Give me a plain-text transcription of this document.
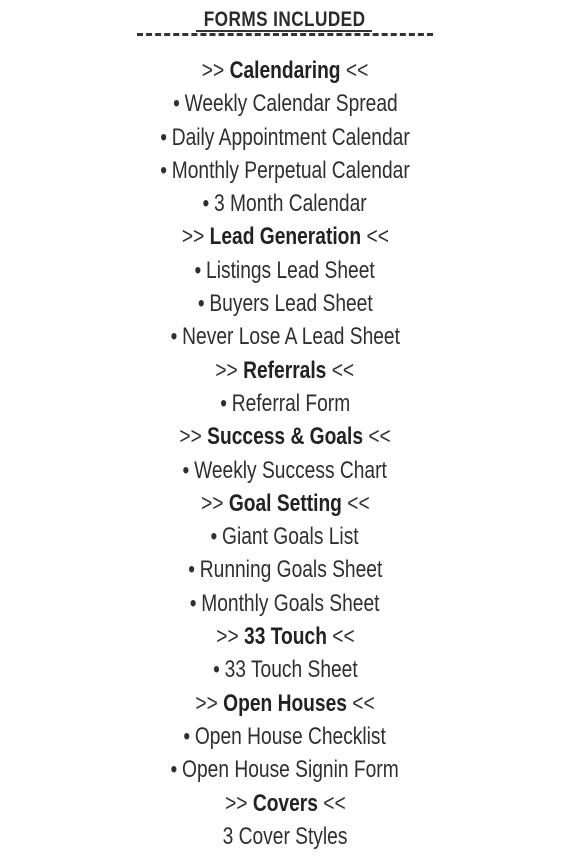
FORMS INCLUDED
>> Calendaring <<
• Weekly Calendar Spread
• Daily Appointment Calendar
• Monthly Perpetual Calendar
• 3 Month Calendar
>> Lead Generation <<
• Listings Lead Sheet
• Buyers Lead Sheet
• Never Lose A Lead Sheet
>> Referrals <<
• Referral Form
>> Success & Goals <<
• Weekly Success Chart
>> Goal Setting <<
• Giant Goals List
• Running Goals Sheet
• Monthly Goals Sheet
>> 33 Touch <<
• 33 Touch Sheet
>> Open Houses <<
• Open House Checklist
• Open House Signin Form
>> Covers <<
3 Cover Styles
